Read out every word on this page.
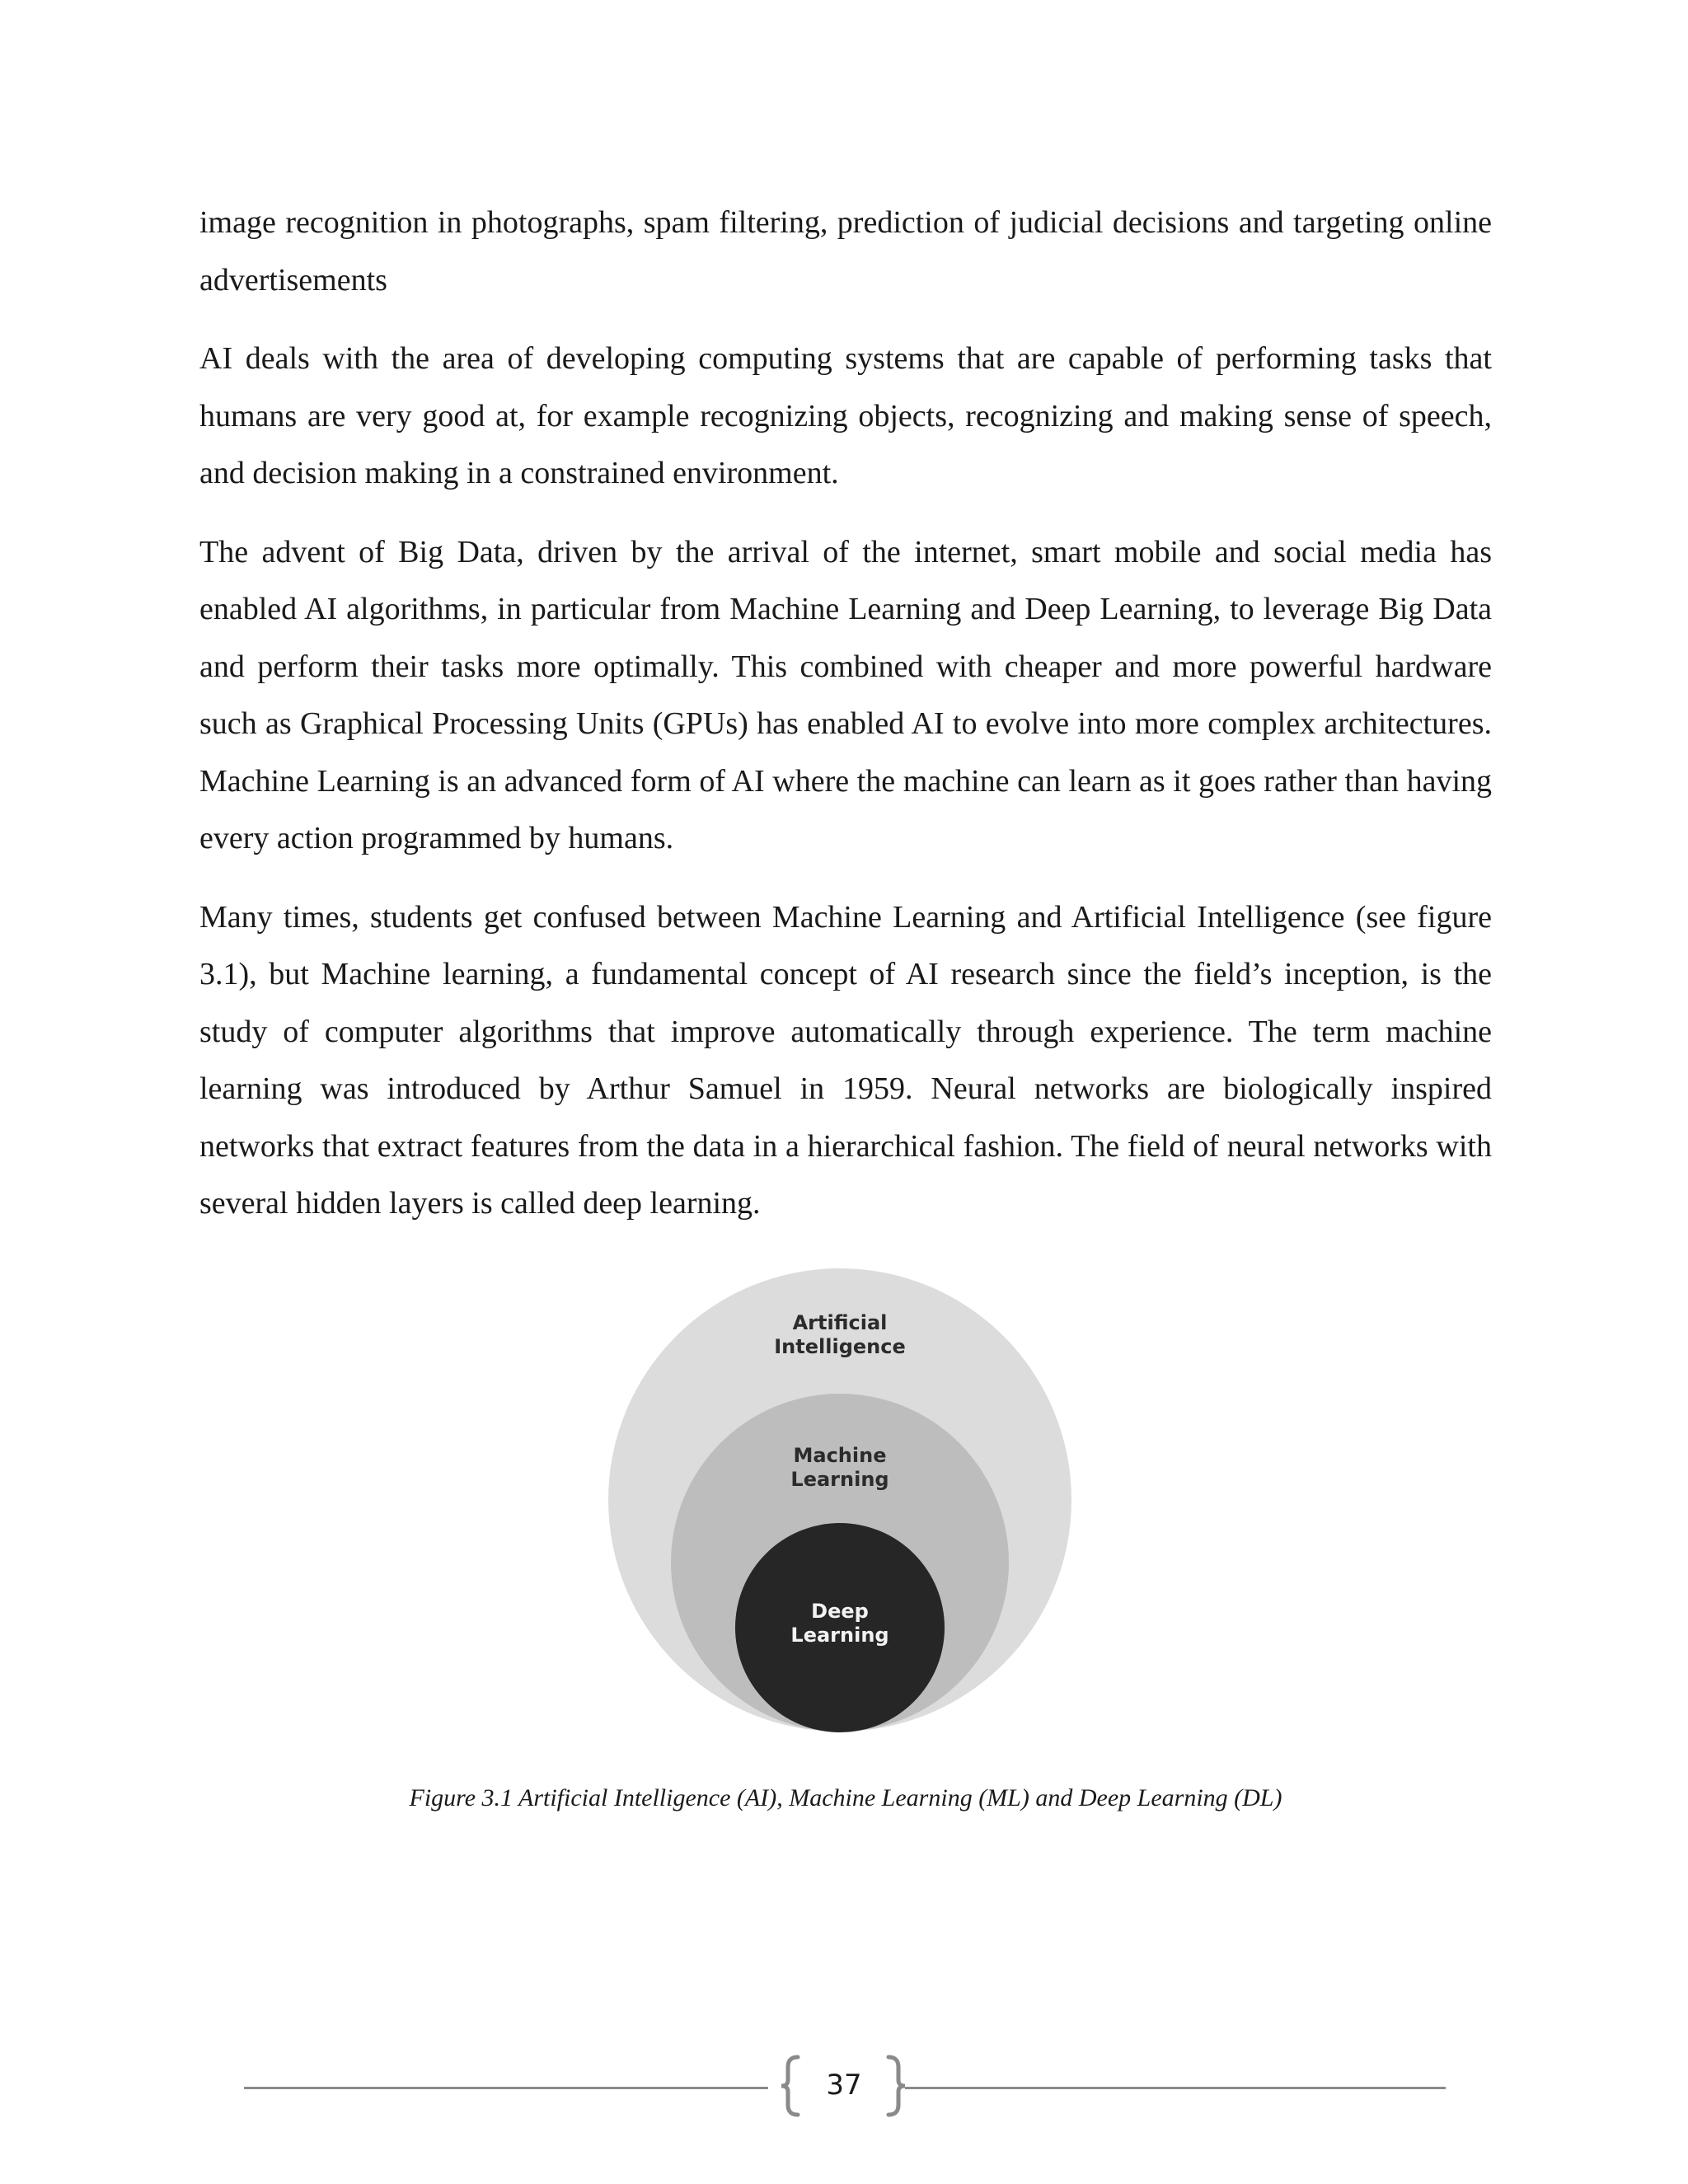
image recognition in photographs, spam filtering, prediction of judicial decisions and targeting online advertisements

AI deals with the area of developing computing systems that are capable of performing tasks that humans are very good at, for example recognizing objects, recognizing and making sense of speech, and decision making in a constrained environment.

The advent of Big Data, driven by the arrival of the internet, smart mobile and social media has enabled AI algorithms, in particular from Machine Learning and Deep Learning, to leverage Big Data and perform their tasks more optimally. This combined with cheaper and more powerful hardware such as Graphical Processing Units (GPUs) has enabled AI to evolve into more complex architectures. Machine Learning is an advanced form of AI where the machine can learn as it goes rather than having every action programmed by humans.

Many times, students get confused between Machine Learning and Artificial Intelligence (see figure 3.1), but Machine learning, a fundamental concept of AI research since the field’s inception, is the study of computer algorithms that improve automatically through experience. The term machine learning was introduced by Arthur Samuel in 1959. Neural networks are biologically inspired networks that extract features from the data in a hierarchical fashion. The field of neural networks with several hidden layers is called deep learning.

Artificial
Intelligence
Machine
Learning
Deep
Learning

Figure 3.1 Artificial Intelligence (AI), Machine Learning (ML) and Deep Learning (DL)

37
